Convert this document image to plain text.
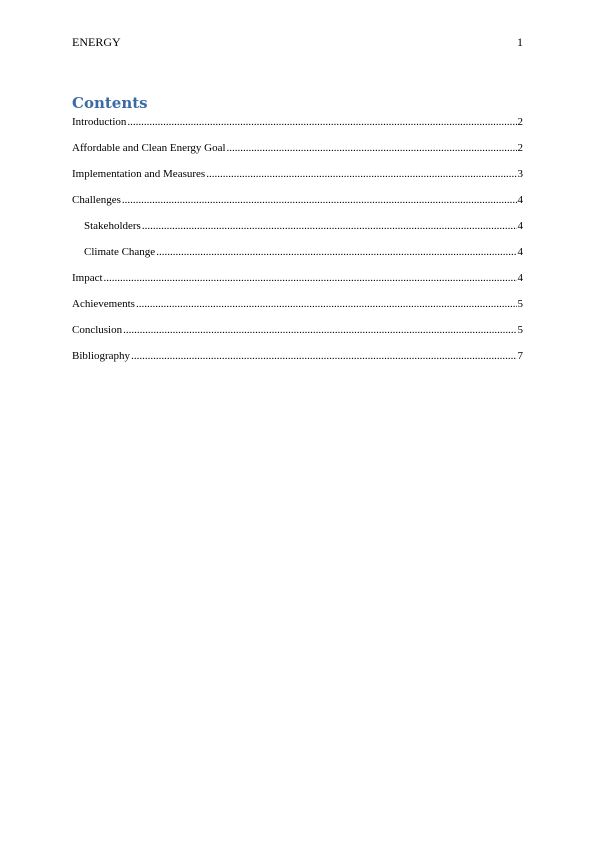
ENERGY	1
Contents
Introduction .....	2
Affordable and Clean Energy Goal .....	2
Implementation and Measures .....	3
Challenges .....	4
Stakeholders .....	4
Climate Change .....	4
Impact .....	4
Achievements .....	5
Conclusion .....	5
Bibliography .....	7
